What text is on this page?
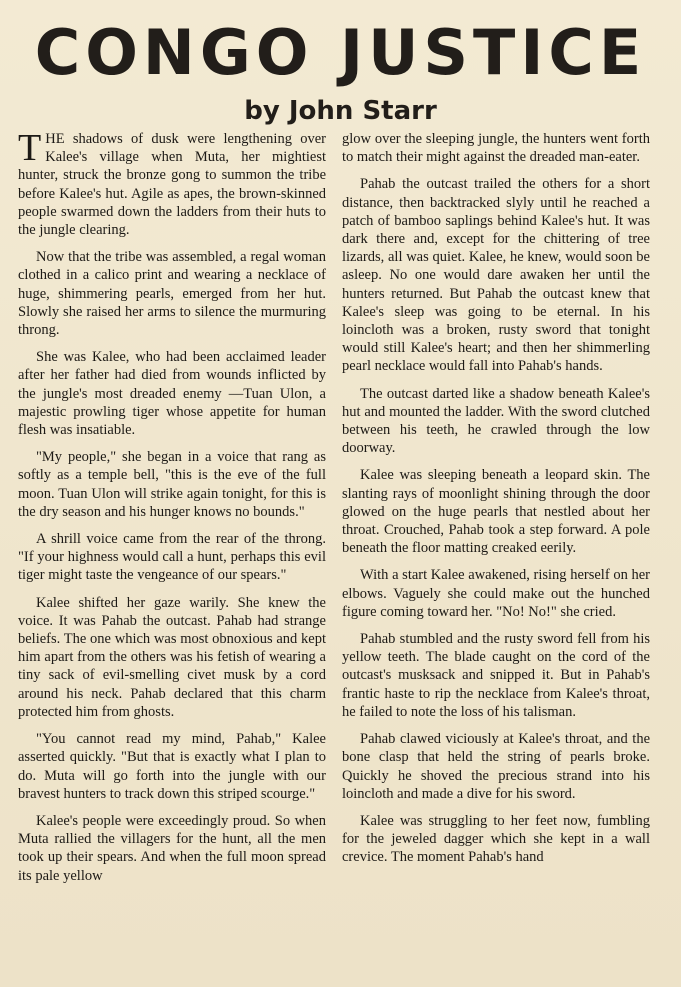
CONGO JUSTICE
by John Starr

THE shadows of dusk were lengthening over Kalee's village when Muta, her mightiest hunter, struck the bronze gong to summon the tribe before Kalee's hut. Agile as apes, the brown-skinned people swarmed down the ladders from their huts to the jungle clearing.

Now that the tribe was assembled, a regal woman clothed in a calico print and wearing a necklace of huge, shimmering pearls, emerged from her hut. Slowly she raised her arms to silence the murmuring throng.

She was Kalee, who had been acclaimed leader after her father had died from wounds inflicted by the jungle's most dreaded enemy —Tuan Ulon, a majestic prowling tiger whose appetite for human flesh was insatiable.

"My people," she began in a voice that rang as softly as a temple bell, "this is the eve of the full moon. Tuan Ulon will strike again tonight, for this is the dry season and his hunger knows no bounds."

A shrill voice came from the rear of the throng. "If your highness would call a hunt, perhaps this evil tiger might taste the vengeance of our spears."

Kalee shifted her gaze warily. She knew the voice. It was Pahab the outcast. Pahab had strange beliefs. The one which was most obnoxious and kept him apart from the others was his fetish of wearing a tiny sack of evil-smelling civet musk by a cord around his neck. Pahab declared that this charm protected him from ghosts.

"You cannot read my mind, Pahab," Kalee asserted quickly. "But that is exactly what I plan to do. Muta will go forth into the jungle with our bravest hunters to track down this striped scourge."

Kalee's people were exceedingly proud. So when Muta rallied the villagers for the hunt, all the men took up their spears. And when the full moon spread its pale yellow

glow over the sleeping jungle, the hunters went forth to match their might against the dreaded man-eater.

Pahab the outcast trailed the others for a short distance, then backtracked slyly until he reached a patch of bamboo saplings behind Kalee's hut. It was dark there and, except for the chittering of tree lizards, all was quiet. Kalee, he knew, would soon be asleep. No one would dare awaken her until the hunters returned. But Pahab the outcast knew that Kalee's sleep was going to be eternal. In his loincloth was a broken, rusty sword that tonight would still Kalee's heart; and then her shimmerling pearl necklace would fall into Pahab's hands.

The outcast darted like a shadow beneath Kalee's hut and mounted the ladder. With the sword clutched between his teeth, he crawled through the low doorway.

Kalee was sleeping beneath a leopard skin. The slanting rays of moonlight shining through the door glowed on the huge pearls that nestled about her throat. Crouched, Pahab took a step forward. A pole beneath the floor matting creaked eerily.

With a start Kalee awakened, rising herself on her elbows. Vaguely she could make out the hunched figure coming toward her. "No! No!" she cried.

Pahab stumbled and the rusty sword fell from his yellow teeth. The blade caught on the cord of the outcast's musksack and snipped it. But in Pahab's frantic haste to rip the necklace from Kalee's throat, he failed to note the loss of his talisman.

Pahab clawed viciously at Kalee's throat, and the bone clasp that held the string of pearls broke. Quickly he shoved the precious strand into his loincloth and made a dive for his sword.

Kalee was struggling to her feet now, fumbling for the jeweled dagger which she kept in a wall crevice. The moment Pahab's hand
